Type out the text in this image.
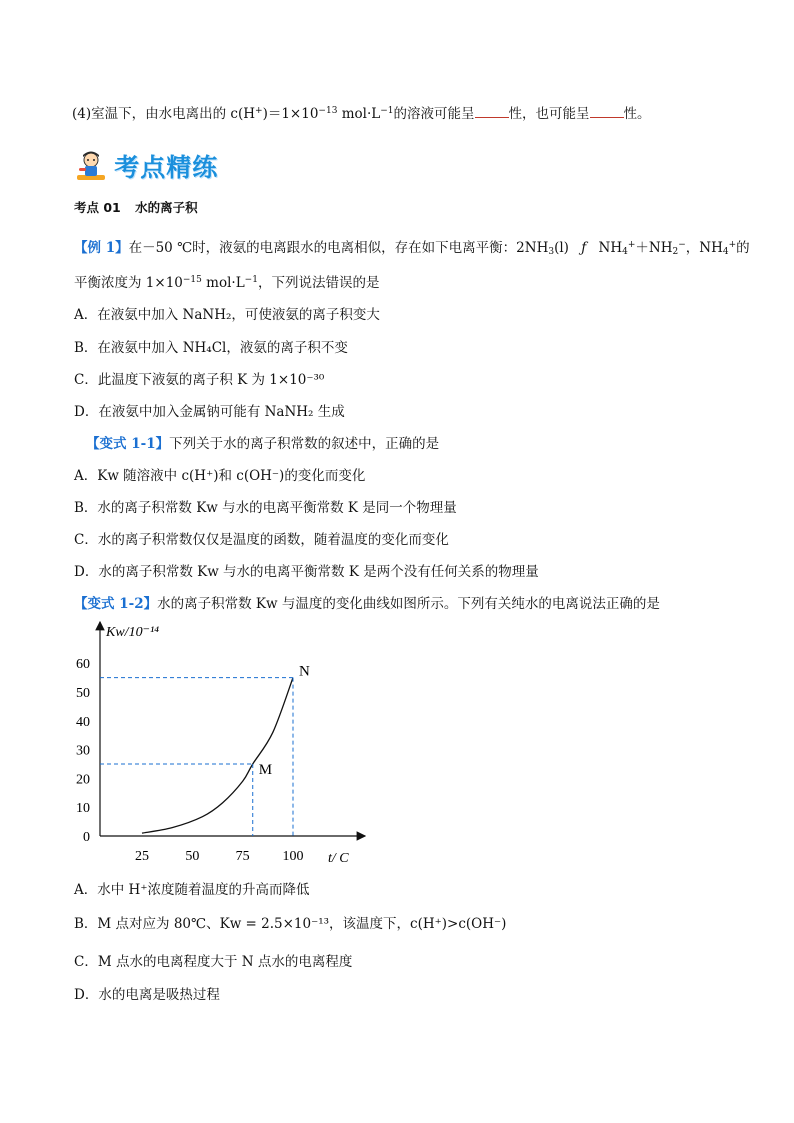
(4)室温下，由水电离出的 $c(H^+)=1\times 10^{-13}$ $mol\cdot L^{-1}$的溶液可能呈	性，也可能呈	性。
考点精练
考点 01 水的离子积
【例 1】在－50 ℃时，液氨的电离跟水的电离相似，存在如下电离平衡：$2NH_3(l)$ ƒ $NH_4^++NH_2^-$，$NH_4^+$的
平衡浓度为 $1\times 10^{-15}$ $mol\cdot L^{-1}$，下列说法错误的是
A．在液氨中加入 NaNH₂，可使液氨的离子积变大
B．在液氨中加入 NH₄Cl，液氨的离子积不变
C．此温度下液氨的离子积 K 为 1×10⁻³⁰
D．在液氨中加入金属钠可能有 NaNH₂ 生成
【变式 1-1】下列关于水的离子积常数的叙述中，正确的是
A．Kw 随溶液中 c(H⁺)和 c(OH⁻)的变化而变化
B．水的离子积常数 Kw 与水的电离平衡常数 K 是同一个物理量
C．水的离子积常数仅仅是温度的函数，随着温度的变化而变化
D．水的离子积常数 Kw 与水的电离平衡常数 K 是两个没有任何关系的物理量
【变式 1-2】水的离子积常数 Kw 与温度的变化曲线如图所示。下列有关纯水的电离说法正确的是
Kw/10⁻¹⁴
0
10
20
30
40
50
60
25	50	75 100 t/ C
M
N
A．水中 H⁺浓度随着温度的升高而降低
B．M 点对应为 80℃、Kw = 2.5×10⁻¹³，该温度下，c(H⁺)>c(OH⁻)
C．M 点水的电离程度大于 N 点水的电离程度
D．水的电离是吸热过程
